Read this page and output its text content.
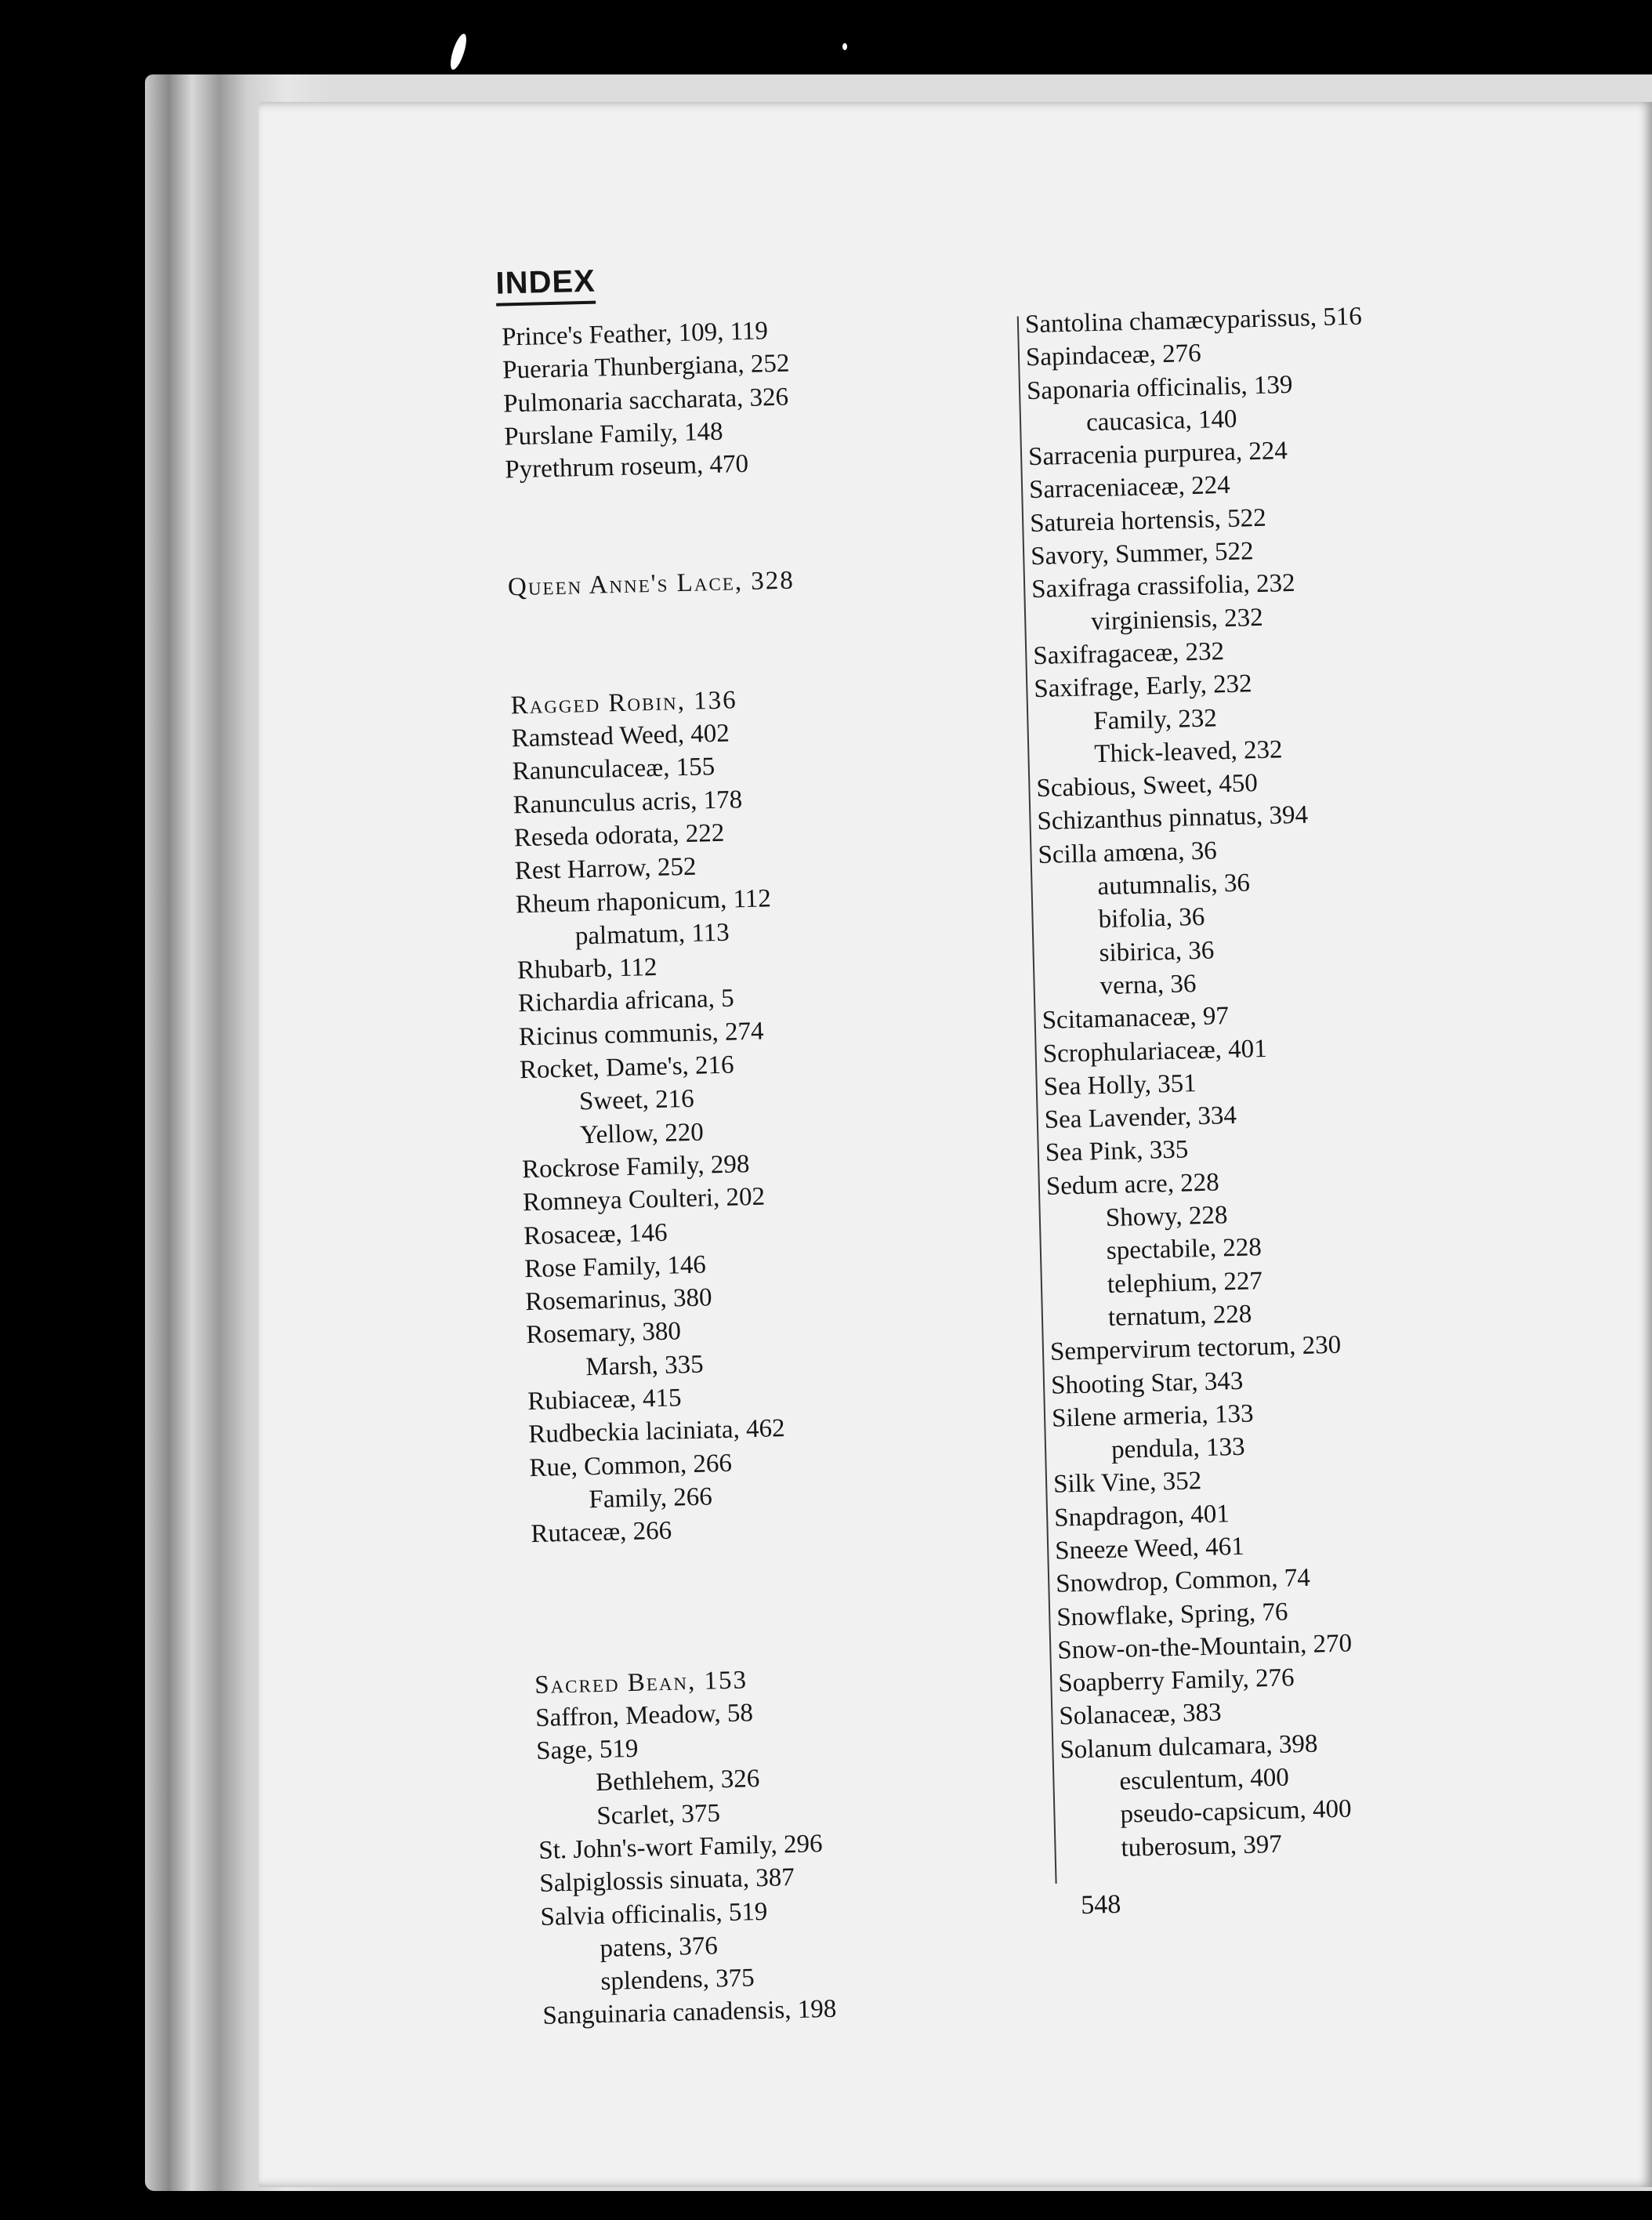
INDEX

Prince's Feather, 109, 119

Pueraria Thunbergiana, 252

Pulmonaria saccharata, 326

Purslane Family, 148

Pyrethrum roseum, 470

Queen Anne's Lace, 328

Ragged Robin, 136

Ramstead Weed, 402

Ranunculaceæ, 155

Ranunculus acris, 178

Reseda odorata, 222

Rest Harrow, 252

Rheum rhaponicum, 112

palmatum, 113

Rhubarb, 112

Richardia africana, 5

Ricinus communis, 274

Rocket, Dame's, 216

Sweet, 216

Yellow, 220

Rockrose Family, 298

Romneya Coulteri, 202

Rosaceæ, 146

Rose Family, 146

Rosemarinus, 380

Rosemary, 380

Marsh, 335

Rubiaceæ, 415

Rudbeckia laciniata, 462

Rue, Common, 266

Family, 266

Rutaceæ, 266

Sacred Bean, 153

Saffron, Meadow, 58

Sage, 519

Bethlehem, 326

Scarlet, 375

St. John's-wort Family, 296

Salpiglossis sinuata, 387

Salvia officinalis, 519

patens, 376

splendens, 375

Sanguinaria canadensis, 198

Santolina chamæcyparissus, 516

Sapindaceæ, 276

Saponaria officinalis, 139

caucasica, 140

Sarracenia purpurea, 224

Sarraceniaceæ, 224

Satureia hortensis, 522

Savory, Summer, 522

Saxifraga crassifolia, 232

virginiensis, 232

Saxifragaceæ, 232

Saxifrage, Early, 232

Family, 232

Thick-leaved, 232

Scabious, Sweet, 450

Schizanthus pinnatus, 394

Scilla amœna, 36

autumnalis, 36

bifolia, 36

sibirica, 36

verna, 36

Scitamanaceæ, 97

Scrophulariaceæ, 401

Sea Holly, 351

Sea Lavender, 334

Sea Pink, 335

Sedum acre, 228

Showy, 228

spectabile, 228

telephium, 227

ternatum, 228

Sempervirum tectorum, 230

Shooting Star, 343

Silene armeria, 133

pendula, 133

Silk Vine, 352

Snapdragon, 401

Sneeze Weed, 461

Snowdrop, Common, 74

Snowflake, Spring, 76

Snow-on-the-Mountain, 270

Soapberry Family, 276

Solanaceæ, 383

Solanum dulcamara, 398

esculentum, 400

pseudo-capsicum, 400

tuberosum, 397

548
